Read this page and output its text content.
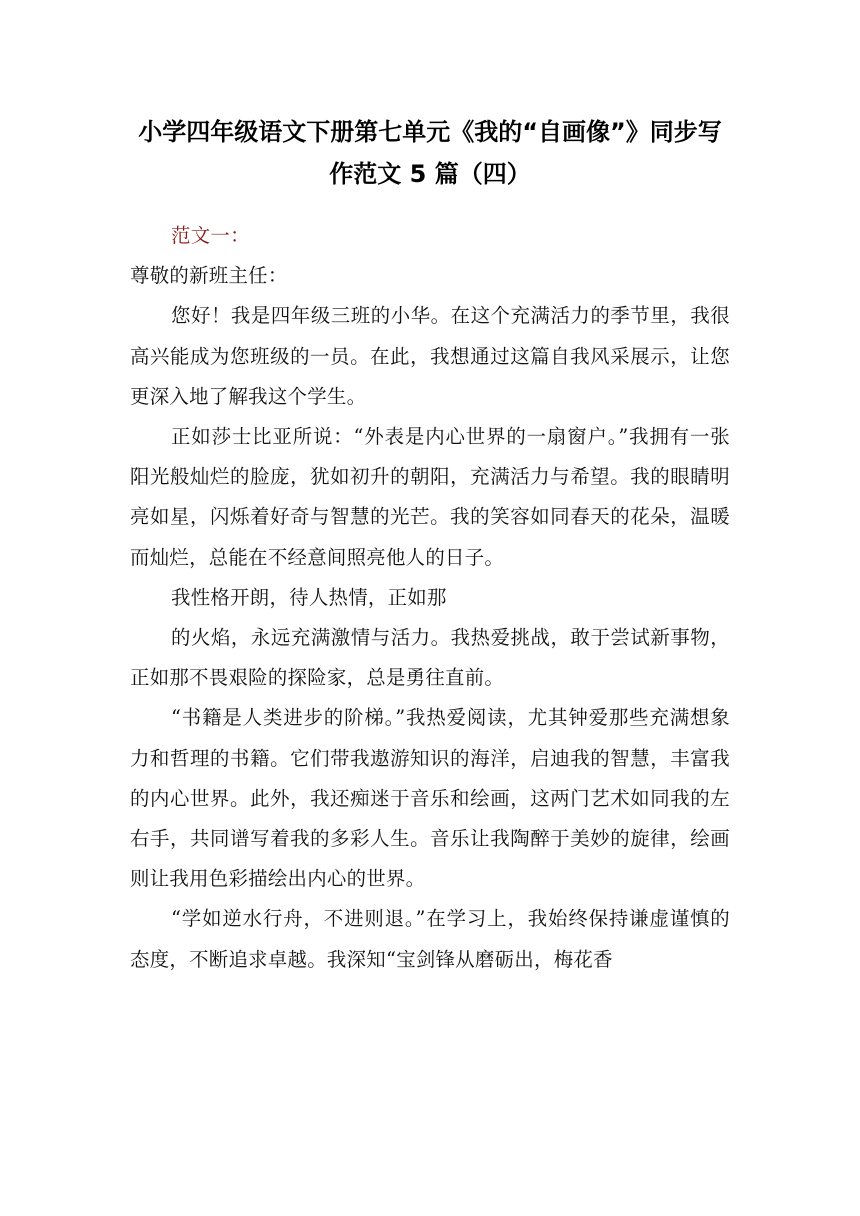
小学四年级语文下册第七单元《我的“自画像”》同步写
作范文 5 篇（四）

范文一：

尊敬的新班主任：

您好！我是四年级三班的小华。在这个充满活力的季节里，我很高兴能成为您班级的一员。在此，我想通过这篇自我风采展示，让您更深入地了解我这个学生。

正如莎士比亚所说：“外表是内心世界的一扇窗户。”我拥有一张阳光般灿烂的脸庞，犹如初升的朝阳，充满活力与希望。我的眼睛明亮如星，闪烁着好奇与智慧的光芒。我的笑容如同春天的花朵，温暖而灿烂，总能在不经意间照亮他人的日子。

我性格开朗，待人热情，正如那

的火焰，永远充满激情与活力。我热爱挑战，敢于尝试新事物，正如那不畏艰险的探险家，总是勇往直前。

“书籍是人类进步的阶梯。”我热爱阅读，尤其钟爱那些充满想象力和哲理的书籍。它们带我遨游知识的海洋，启迪我的智慧，丰富我的内心世界。此外，我还痴迷于音乐和绘画，这两门艺术如同我的左右手，共同谱写着我的多彩人生。音乐让我陶醉于美妙的旋律，绘画则让我用色彩描绘出内心的世界。

“学如逆水行舟，不进则退。”在学习上，我始终保持谦虚谨慎的态度，不断追求卓越。我深知“宝剑锋从磨砺出，梅花香
